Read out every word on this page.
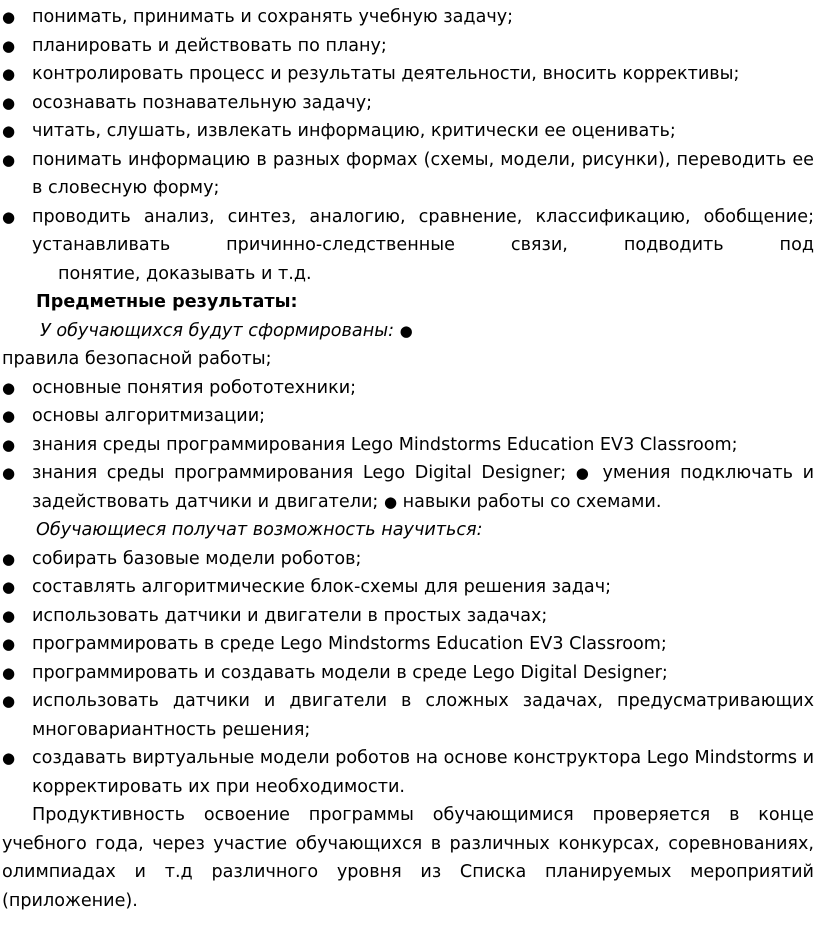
● понимать, принимать и сохранять учебную задачу;
● планировать и действовать по плану;
● контролировать процесс и результаты деятельности, вносить коррективы;
● осознавать познавательную задачу;
● читать, слушать, извлекать информацию, критически ее оценивать;
● понимать информацию в разных формах (схемы, модели, рисунки), переводить ее в словесную форму;
● проводить анализ, синтез, аналогию, сравнение, классификацию, обобщение; устанавливать причинно-следственные связи, подводить под
понятие, доказывать и т.д.
Предметные результаты:
У обучающихся будут сформированы: ●
правила безопасной работы;
● основные понятия робототехники;
● основы алгоритмизации;
● знания среды программирования Lego Mindstorms Education EV3 Classroom;
● знания среды программирования Lego Digital Designer; ● умения подключать и задействовать датчики и двигатели; ● навыки работы со схемами.
Обучающиеся получат возможность научиться:
● собирать базовые модели роботов;
● составлять алгоритмические блок-схемы для решения задач;
● использовать датчики и двигатели в простых задачах;
● программировать в среде Lego Mindstorms Education EV3 Classroom;
● программировать и создавать модели в среде Lego Digital Designer;
● использовать датчики и двигатели в сложных задачах, предусматривающих многовариантность решения;
● создавать виртуальные модели роботов на основе конструктора Lego Mindstorms и корректировать их при необходимости.
Продуктивность освоение программы обучающимися проверяется в конце учебного года, через участие обучающихся в различных конкурсах, соревнованиях, олимпиадах и т.д различного уровня из Списка планируемых мероприятий (приложение).
